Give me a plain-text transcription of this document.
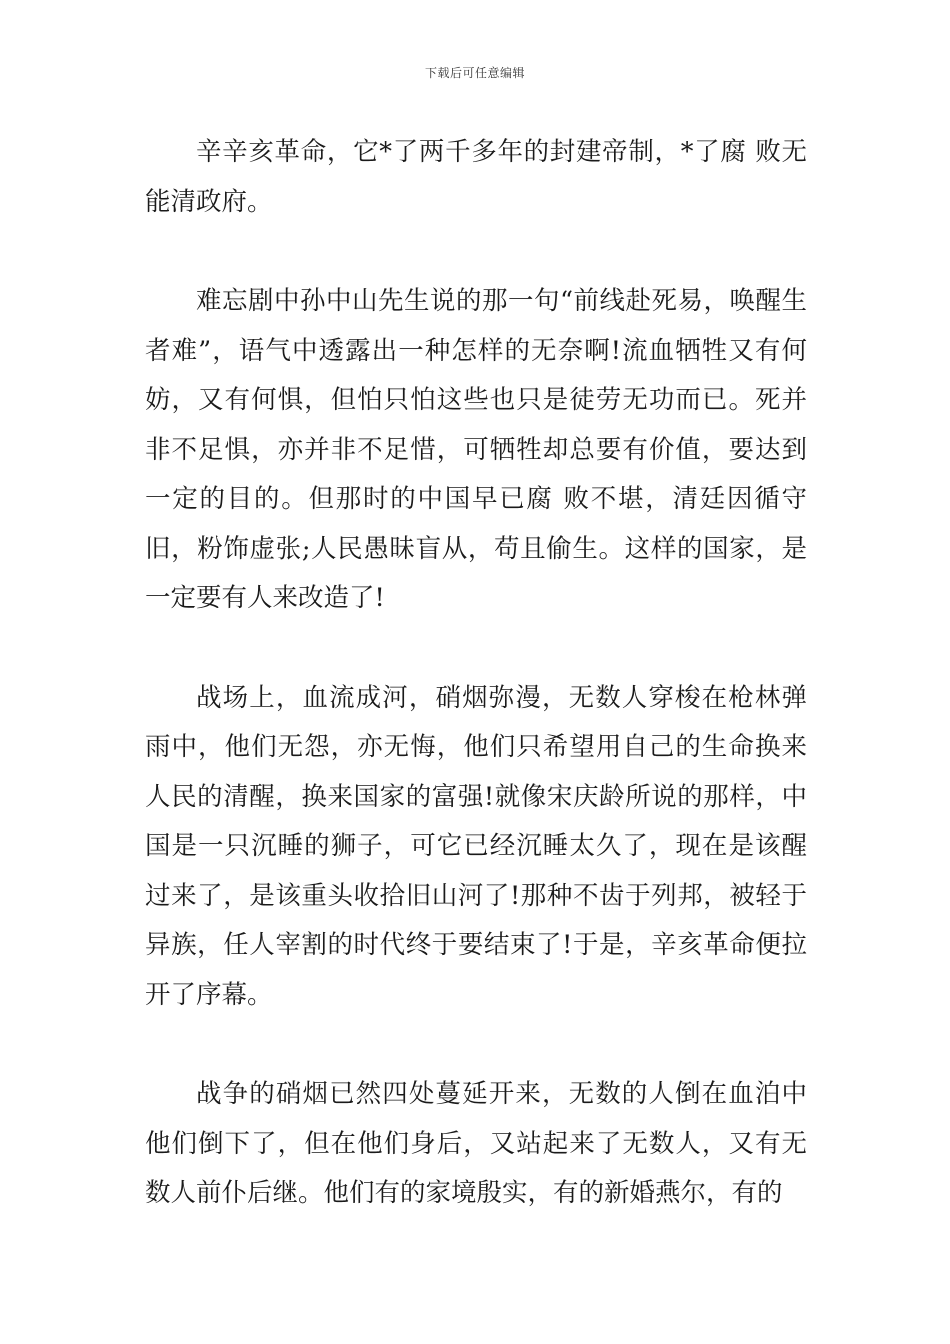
下载后可任意编辑

辛辛亥革命，它*了两千多年的封建帝制，*了腐 败无能清政府。

难忘剧中孙中山先生说的那一句“前线赴死易，唤醒生者难”，语气中透露出一种怎样的无奈啊!流血牺牲又有何妨，又有何惧，但怕只怕这些也只是徒劳无功而已。死并非不足惧，亦并非不足惜，可牺牲却总要有价值，要达到一定的目的。但那时的中国早已腐 败不堪，清廷因循守旧，粉饰虚张;人民愚昧盲从，苟且偷生。这样的国家，是一定要有人来改造了!

战场上，血流成河，硝烟弥漫，无数人穿梭在枪林弹雨中，他们无怨，亦无悔，他们只希望用自己的生命换来人民的清醒，换来国家的富强!就像宋庆龄所说的那样，中国是一只沉睡的狮子，可它已经沉睡太久了，现在是该醒过来了，是该重头收拾旧山河了!那种不齿于列邦，被轻于异族，任人宰割的时代终于要结束了!于是，辛亥革命便拉开了序幕。

战争的硝烟已然四处蔓延开来，无数的人倒在血泊中他们倒下了，但在他们身后，又站起来了无数人，又有无数人前仆后继。他们有的家境殷实，有的新婚燕尔，有的
